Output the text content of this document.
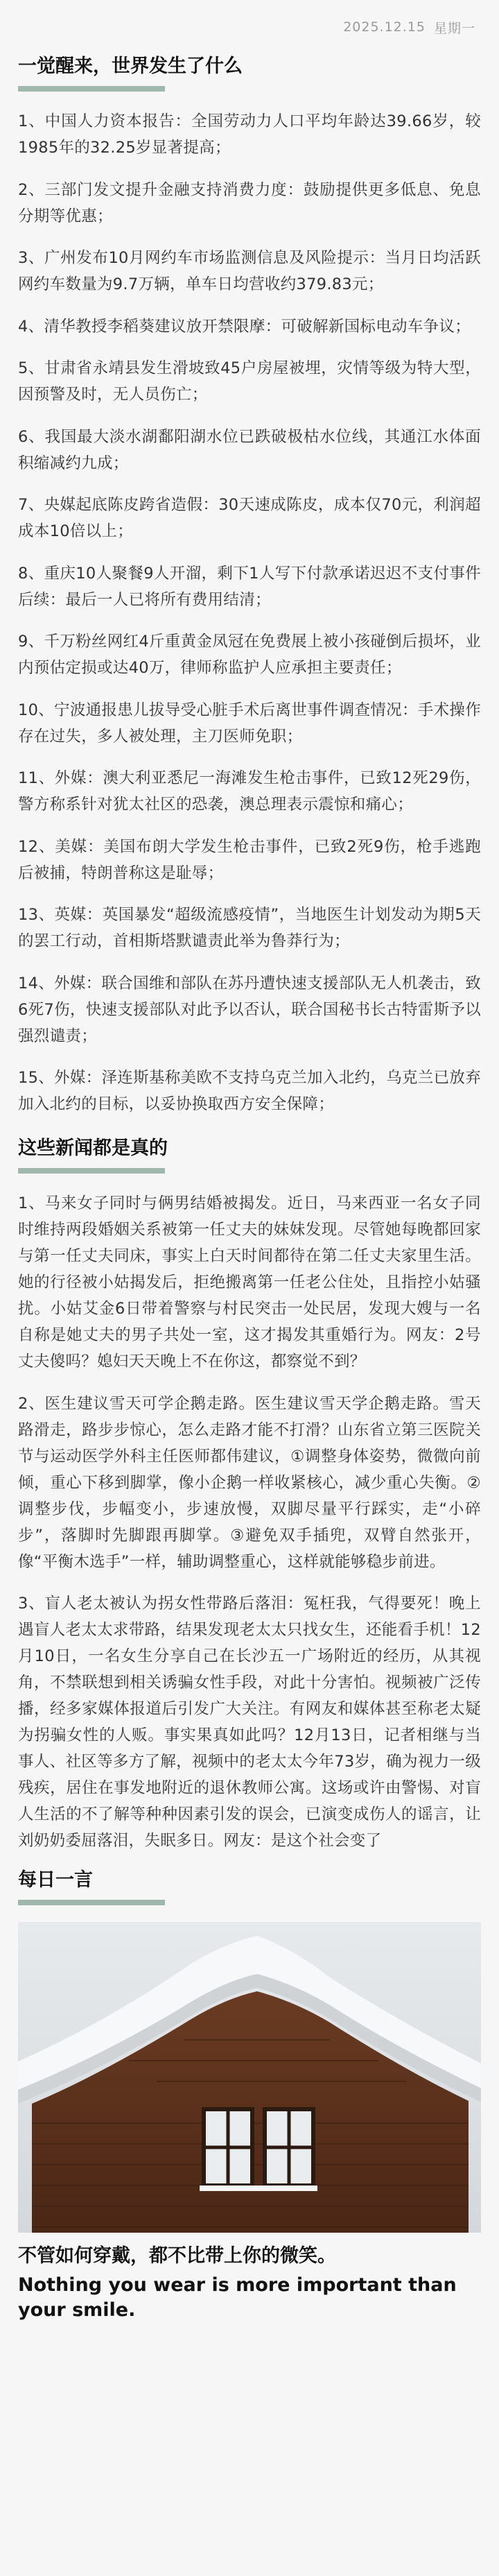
2025.12.15 星期一
一觉醒来，世界发生了什么

1、中国人力资本报告：全国劳动力人口平均年龄达39.66岁，较1985年的32.25岁显著提高；

2、三部门发文提升金融支持消费力度：鼓励提供更多低息、免息分期等优惠；

3、广州发布10月网约车市场监测信息及风险提示：当月日均活跃网约车数量为9.7万辆，单车日均营收约379.83元；

4、清华教授李稻葵建议放开禁限摩：可破解新国标电动车争议；

5、甘肃省永靖县发生滑坡致45户房屋被埋，灾情等级为特大型，因预警及时，无人员伤亡；

6、我国最大淡水湖鄱阳湖水位已跌破极枯水位线，其通江水体面积缩减约九成；

7、央媒起底陈皮跨省造假：30天速成陈皮，成本仅70元，利润超成本10倍以上；

8、重庆10人聚餐9人开溜，剩下1人写下付款承诺迟迟不支付事件后续：最后一人已将所有费用结清；

9、千万粉丝网红4斤重黄金凤冠在免费展上被小孩碰倒后损坏，业内预估定损或达40万，律师称监护人应承担主要责任；

10、宁波通报患儿拔导受心脏手术后离世事件调查情况：手术操作存在过失，多人被处理，主刀医师免职；

11、外媒：澳大利亚悉尼一海滩发生枪击事件，已致12死29伤，警方称系针对犹太社区的恐袭，澳总理表示震惊和痛心；

12、美媒：美国布朗大学发生枪击事件，已致2死9伤，枪手逃跑后被捕，特朗普称这是耻辱；

13、英媒：英国暴发“超级流感疫情”，当地医生计划发动为期5天的罢工行动，首相斯塔默谴责此举为鲁莽行为；

14、外媒：联合国维和部队在苏丹遭快速支援部队无人机袭击，致6死7伤，快速支援部队对此予以否认，联合国秘书长古特雷斯予以强烈谴责；

15、外媒：泽连斯基称美欧不支持乌克兰加入北约，乌克兰已放弃加入北约的目标，以妥协换取西方安全保障；

这些新闻都是真的

1、马来女子同时与俩男结婚被揭发。近日，马来西亚一名女子同时维持两段婚姻关系被第一任丈夫的妹妹发现。尽管她每晚都回家与第一任丈夫同床，事实上白天时间都待在第二任丈夫家里生活。她的行径被小姑揭发后，拒绝搬离第一任老公住处，且指控小姑骚扰。小姑艾金6日带着警察与村民突击一处民居，发现大嫂与一名自称是她丈夫的男子共处一室，这才揭发其重婚行为。网友：2号丈夫傻吗？媳妇天天晚上不在你这，都察觉不到？

2、医生建议雪天可学企鹅走路。医生建议雪天学企鹅走路。雪天路滑走，路步步惊心，怎么走路才能不打滑？山东省立第三医院关节与运动医学外科主任医师都伟建议，①调整身体姿势，微微向前倾，重心下移到脚掌，像小企鹅一样收紧核心，减少重心失衡。②调整步伐，步幅变小，步速放慢，双脚尽量平行踩实，走“小碎步”，落脚时先脚跟再脚掌。③避免双手插兜，双臂自然张开，像“平衡木选手”一样，辅助调整重心，这样就能够稳步前进。

3、盲人老太被认为拐女性带路后落泪：冤枉我，气得要死！晚上遇盲人老太太求带路，结果发现老太太只找女生，还能看手机！12月10日，一名女生分享自己在长沙五一广场附近的经历，从其视角，不禁联想到相关诱骗女性手段，对此十分害怕。视频被广泛传播，经多家媒体报道后引发广大关注。有网友和媒体甚至称老太疑为拐骗女性的人贩。事实果真如此吗？12月13日，记者相继与当事人、社区等多方了解，视频中的老太太今年73岁，确为视力一级残疾，居住在事发地附近的退休教师公寓。这场或许由警惕、对盲人生活的不了解等种种因素引发的误会，已演变成伤人的谣言，让刘奶奶委屈落泪，失眠多日。网友：是这个社会变了

每日一言
不管如何穿戴，都不比带上你的微笑。
Nothing you wear is more important than your smile.
